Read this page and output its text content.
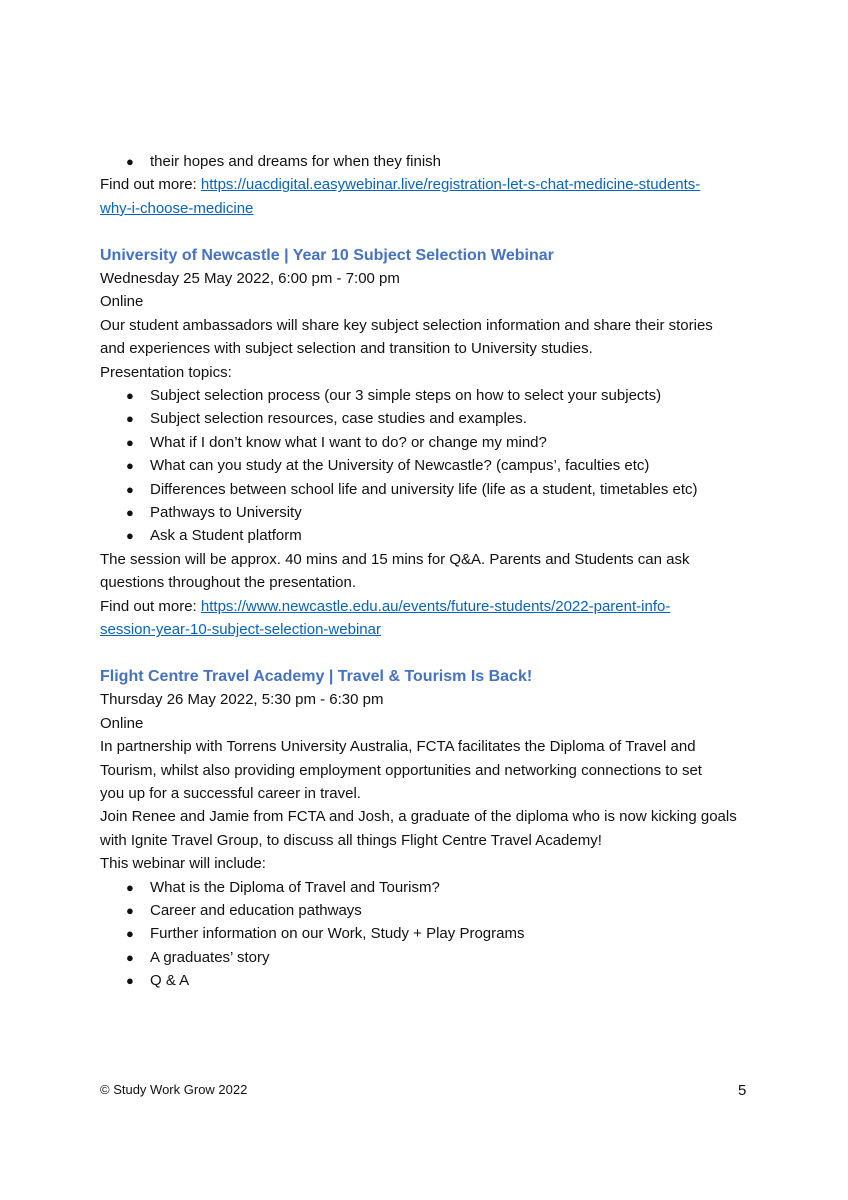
● their hopes and dreams for when they finish
Find out more: https://uacdigital.easywebinar.live/registration-let-s-chat-medicine-students-
why-i-choose-medicine
University of Newcastle | Year 10 Subject Selection Webinar
Wednesday 25 May 2022, 6:00 pm - 7:00 pm
Online
Our student ambassadors will share key subject selection information and share their stories
and experiences with subject selection and transition to University studies.
Presentation topics:
● Subject selection process (our 3 simple steps on how to select your subjects)
● Subject selection resources, case studies and examples.
● What if I don’t know what I want to do? or change my mind?
● What can you study at the University of Newcastle? (campus’, faculties etc)
● Differences between school life and university life (life as a student, timetables etc)
● Pathways to University
● Ask a Student platform
The session will be approx. 40 mins and 15 mins for Q&A. Parents and Students can ask
questions throughout the presentation.
Find out more: https://www.newcastle.edu.au/events/future-students/2022-parent-info-
session-year-10-subject-selection-webinar
Flight Centre Travel Academy | Travel & Tourism Is Back!
Thursday 26 May 2022, 5:30 pm - 6:30 pm
Online
In partnership with Torrens University Australia, FCTA facilitates the Diploma of Travel and
Tourism, whilst also providing employment opportunities and networking connections to set
you up for a successful career in travel.
Join Renee and Jamie from FCTA and Josh, a graduate of the diploma who is now kicking goals
with Ignite Travel Group, to discuss all things Flight Centre Travel Academy!
This webinar will include:
● What is the Diploma of Travel and Tourism?
● Career and education pathways
● Further information on our Work, Study + Play Programs
● A graduates’ story
● Q & A
© Study Work Grow 2022	5
